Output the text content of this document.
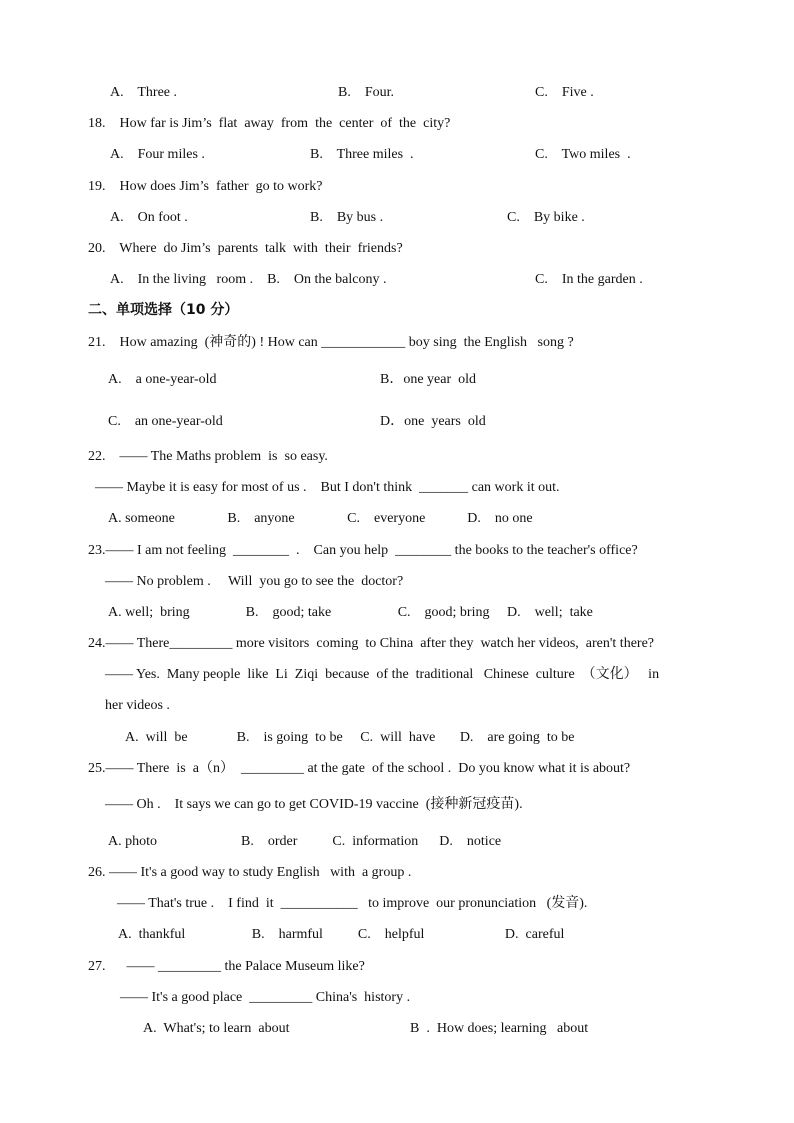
A.    Three .	B.    Four.	C.    Five .
18.    How far is Jim’s  flat  away  from  the  center  of  the  city?
A.    Four miles .	B.    Three miles  .	C.    Two miles  .
19.    How does Jim’s  father  go to work?
A.    On foot .	B.    By bus .	C.    By bike .
20.    Where  do Jim’s  parents  talk  with  their  friends?
A.    In the living   room .    B.    On the balcony .	C.    In the garden .
二、单项选择（10 分）
21.    How amazing  (神奇的) ! How can ____________ boy sing  the English   song ?
A.    a one-year-old	B．one year  old
C.    an one-year-old	D．one  years  old
22.    —— The Maths problem  is  so easy.
—— Maybe it is easy for most of us .    But I don't think  _______ can work it out.
A. someone               B.    anyone               C.    everyone            D.    no one
23.—— I am not feeling  ________  .    Can you help  ________ the books to the teacher's office?
—— No problem .     Will  you go to see the  doctor?
A. well;  bring                B.    good; take                   C.    good; bring     D.    well;  take
24.—— There_________ more visitors  coming  to China  after they  watch her videos,  aren't there?
—— Yes.  Many people  like  Li  Ziqi  because  of the  traditional   Chinese  culture  （文化）   in
her videos .
A.  will  be              B.    is going  to be     C.  will  have       D.    are going  to be
25.—— There  is  a（n）  _________ at the gate  of the school .  Do you know what it is about?
—— Oh .    It says we can go to get COVID-19 vaccine  (接种新冠疫苗).
A. photo                        B.    order          C.  information      D.    notice
26. —— It's a good way to study English   with  a group .
—— That's true .    I find  it  ___________   to improve  our pronunciation   (发音).
A.  thankful                   B.    harmful          C.    helpful                       D.  careful
27.      —— _________ the Palace Museum like?
—— It's a good place  _________ China's  history .
A.  What's; to learn  about	B  .  How does; learning   about
